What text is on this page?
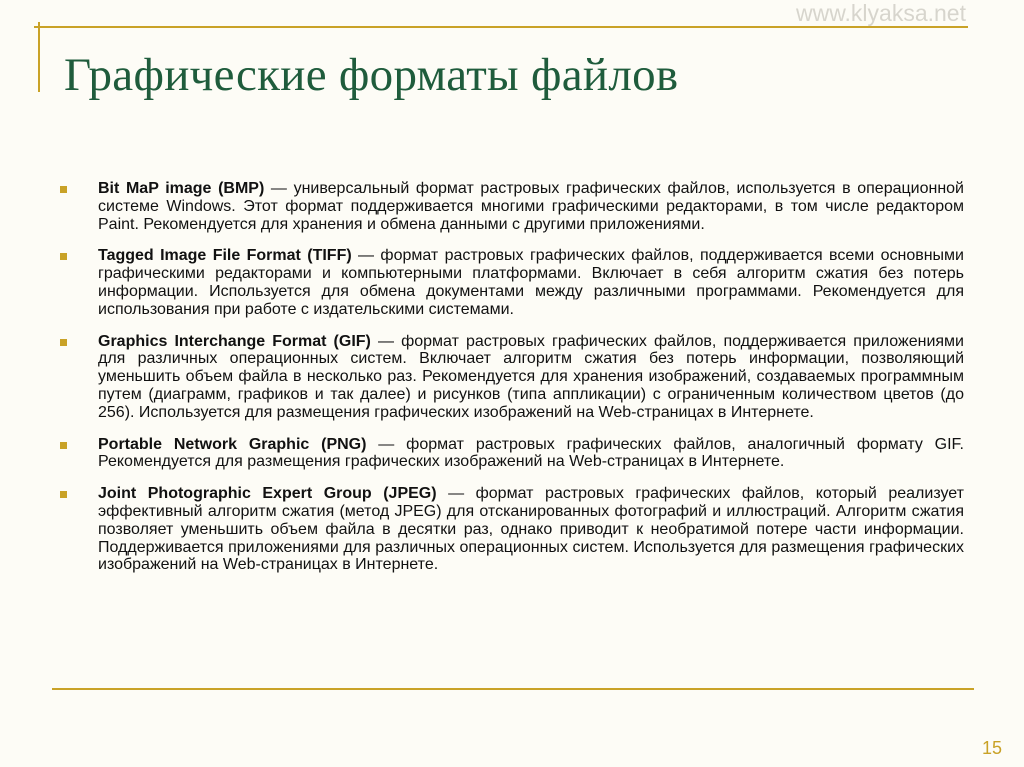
www.klyaksa.net
Графические форматы файлов

Bit MaP image (BMP) — универсальный формат растровых графических файлов, используется в операционной системе Windows. Этот формат поддерживается многими графическими редакторами, в том числе редактором Paint. Рекомендуется для хранения и обмена данными с другими приложениями.

Tagged Image File Format (TIFF) — формат растровых графических файлов, поддерживается всеми основными графическими редакторами и компьютерными платформами. Включает в себя алгоритм сжатия без потерь информации. Используется для обмена документами между различными программами. Рекомендуется для использования при работе с издательскими системами.

Graphics Interchange Format (GIF) — формат растровых графических файлов, поддерживается приложениями для различных операционных систем. Включает алгоритм сжатия без потерь информации, позволяющий уменьшить объем файла в несколько раз. Рекомендуется для хранения изображений, создаваемых программным путем (диаграмм, графиков и так далее) и рисунков (типа аппликации) с ограниченным количеством цветов (до 256). Используется для размещения графических изображений на Web-страницах в Интернете.

Portable Network Graphic (PNG) — формат растровых графических файлов, аналогичный формату GIF. Рекомендуется для размещения графических изображений на Web-страницах в Интернете.

Joint Photographic Expert Group (JPEG) — формат растровых графических файлов, который реализует эффективный алгоритм сжатия (метод JPEG) для отсканированных фотографий и иллюстраций. Алгоритм сжатия позволяет уменьшить объем файла в десятки раз, однако приводит к необратимой потере части информации. Поддерживается приложениями для различных операционных систем. Используется для размещения графических изображений на Web-страницах в Интернете.

15
